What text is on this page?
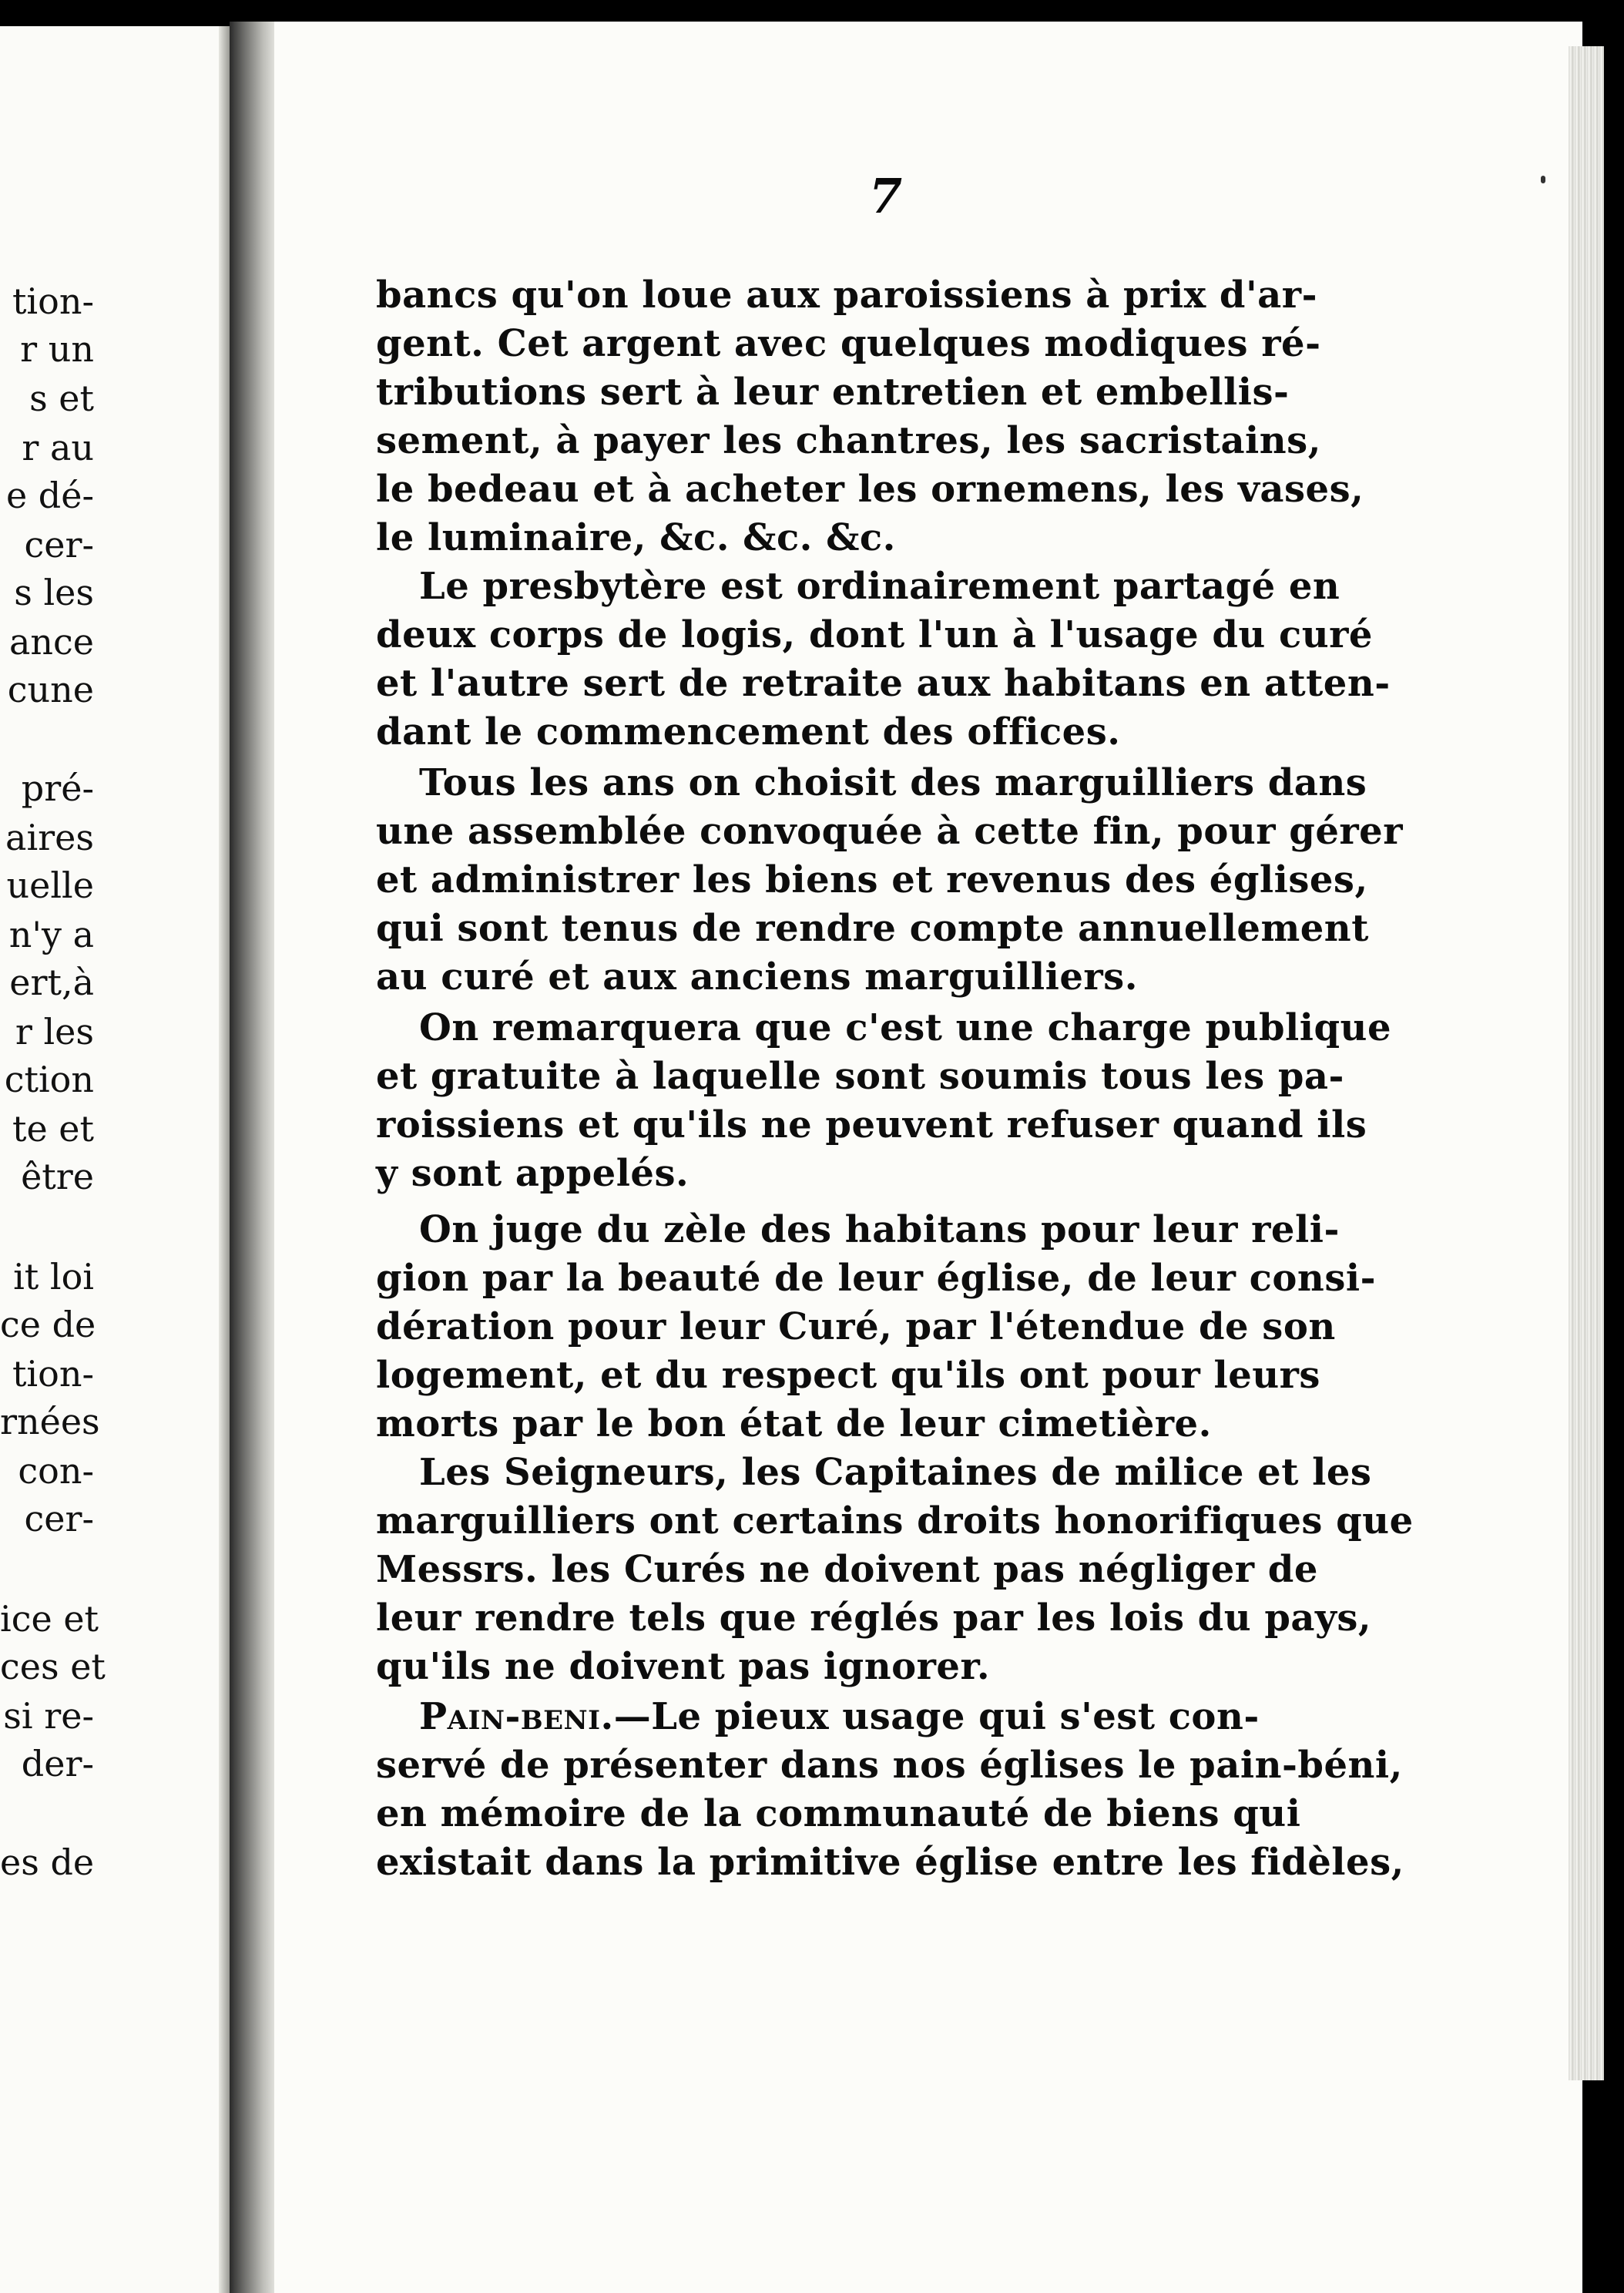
tion-
r un
s et
r au
e dé-
cer-
s les
ance
cune
pré-
aires
uelle
n'y a
ert,à
r les
ction
te et
être
it loi
ce de
tion-
rnées
con-
cer-
ice et
ces et
si re-
der-
es de
7
bancs qu'on loue aux paroissiens à prix d'ar-
gent. Cet argent avec quelques modiques ré-
tributions sert à leur entretien et embellis-
sement, à payer les chantres, les sacristains,
le bedeau et à acheter les ornemens, les vases,
le luminaire, &c. &c. &c.
Le presbytère est ordinairement partagé en
deux corps de logis, dont l'un à l'usage du curé
et l'autre sert de retraite aux habitans en atten-
dant le commencement des offices.
Tous les ans on choisit des marguilliers dans
une assemblée convoquée à cette fin, pour gérer
et administrer les biens et revenus des églises,
qui sont tenus de rendre compte annuellement
au curé et aux anciens marguilliers.
On remarquera que c'est une charge publique
et gratuite à laquelle sont soumis tous les pa-
roissiens et qu'ils ne peuvent refuser quand ils
y sont appelés.
On juge du zèle des habitans pour leur reli-
gion par la beauté de leur église, de leur consi-
dération pour leur Curé, par l'étendue de son
logement, et du respect qu'ils ont pour leurs
morts par le bon état de leur cimetière.
Les Seigneurs, les Capitaines de milice et les
marguilliers ont certains droits honorifiques que
Messrs. les Curés ne doivent pas négliger de
leur rendre tels que réglés par les lois du pays,
qu'ils ne doivent pas ignorer.
Pain-beni.—Le pieux usage qui s'est con-
servé de présenter dans nos églises le pain-béni,
en mémoire de la communauté de biens qui
existait dans la primitive église entre les fidèles,
